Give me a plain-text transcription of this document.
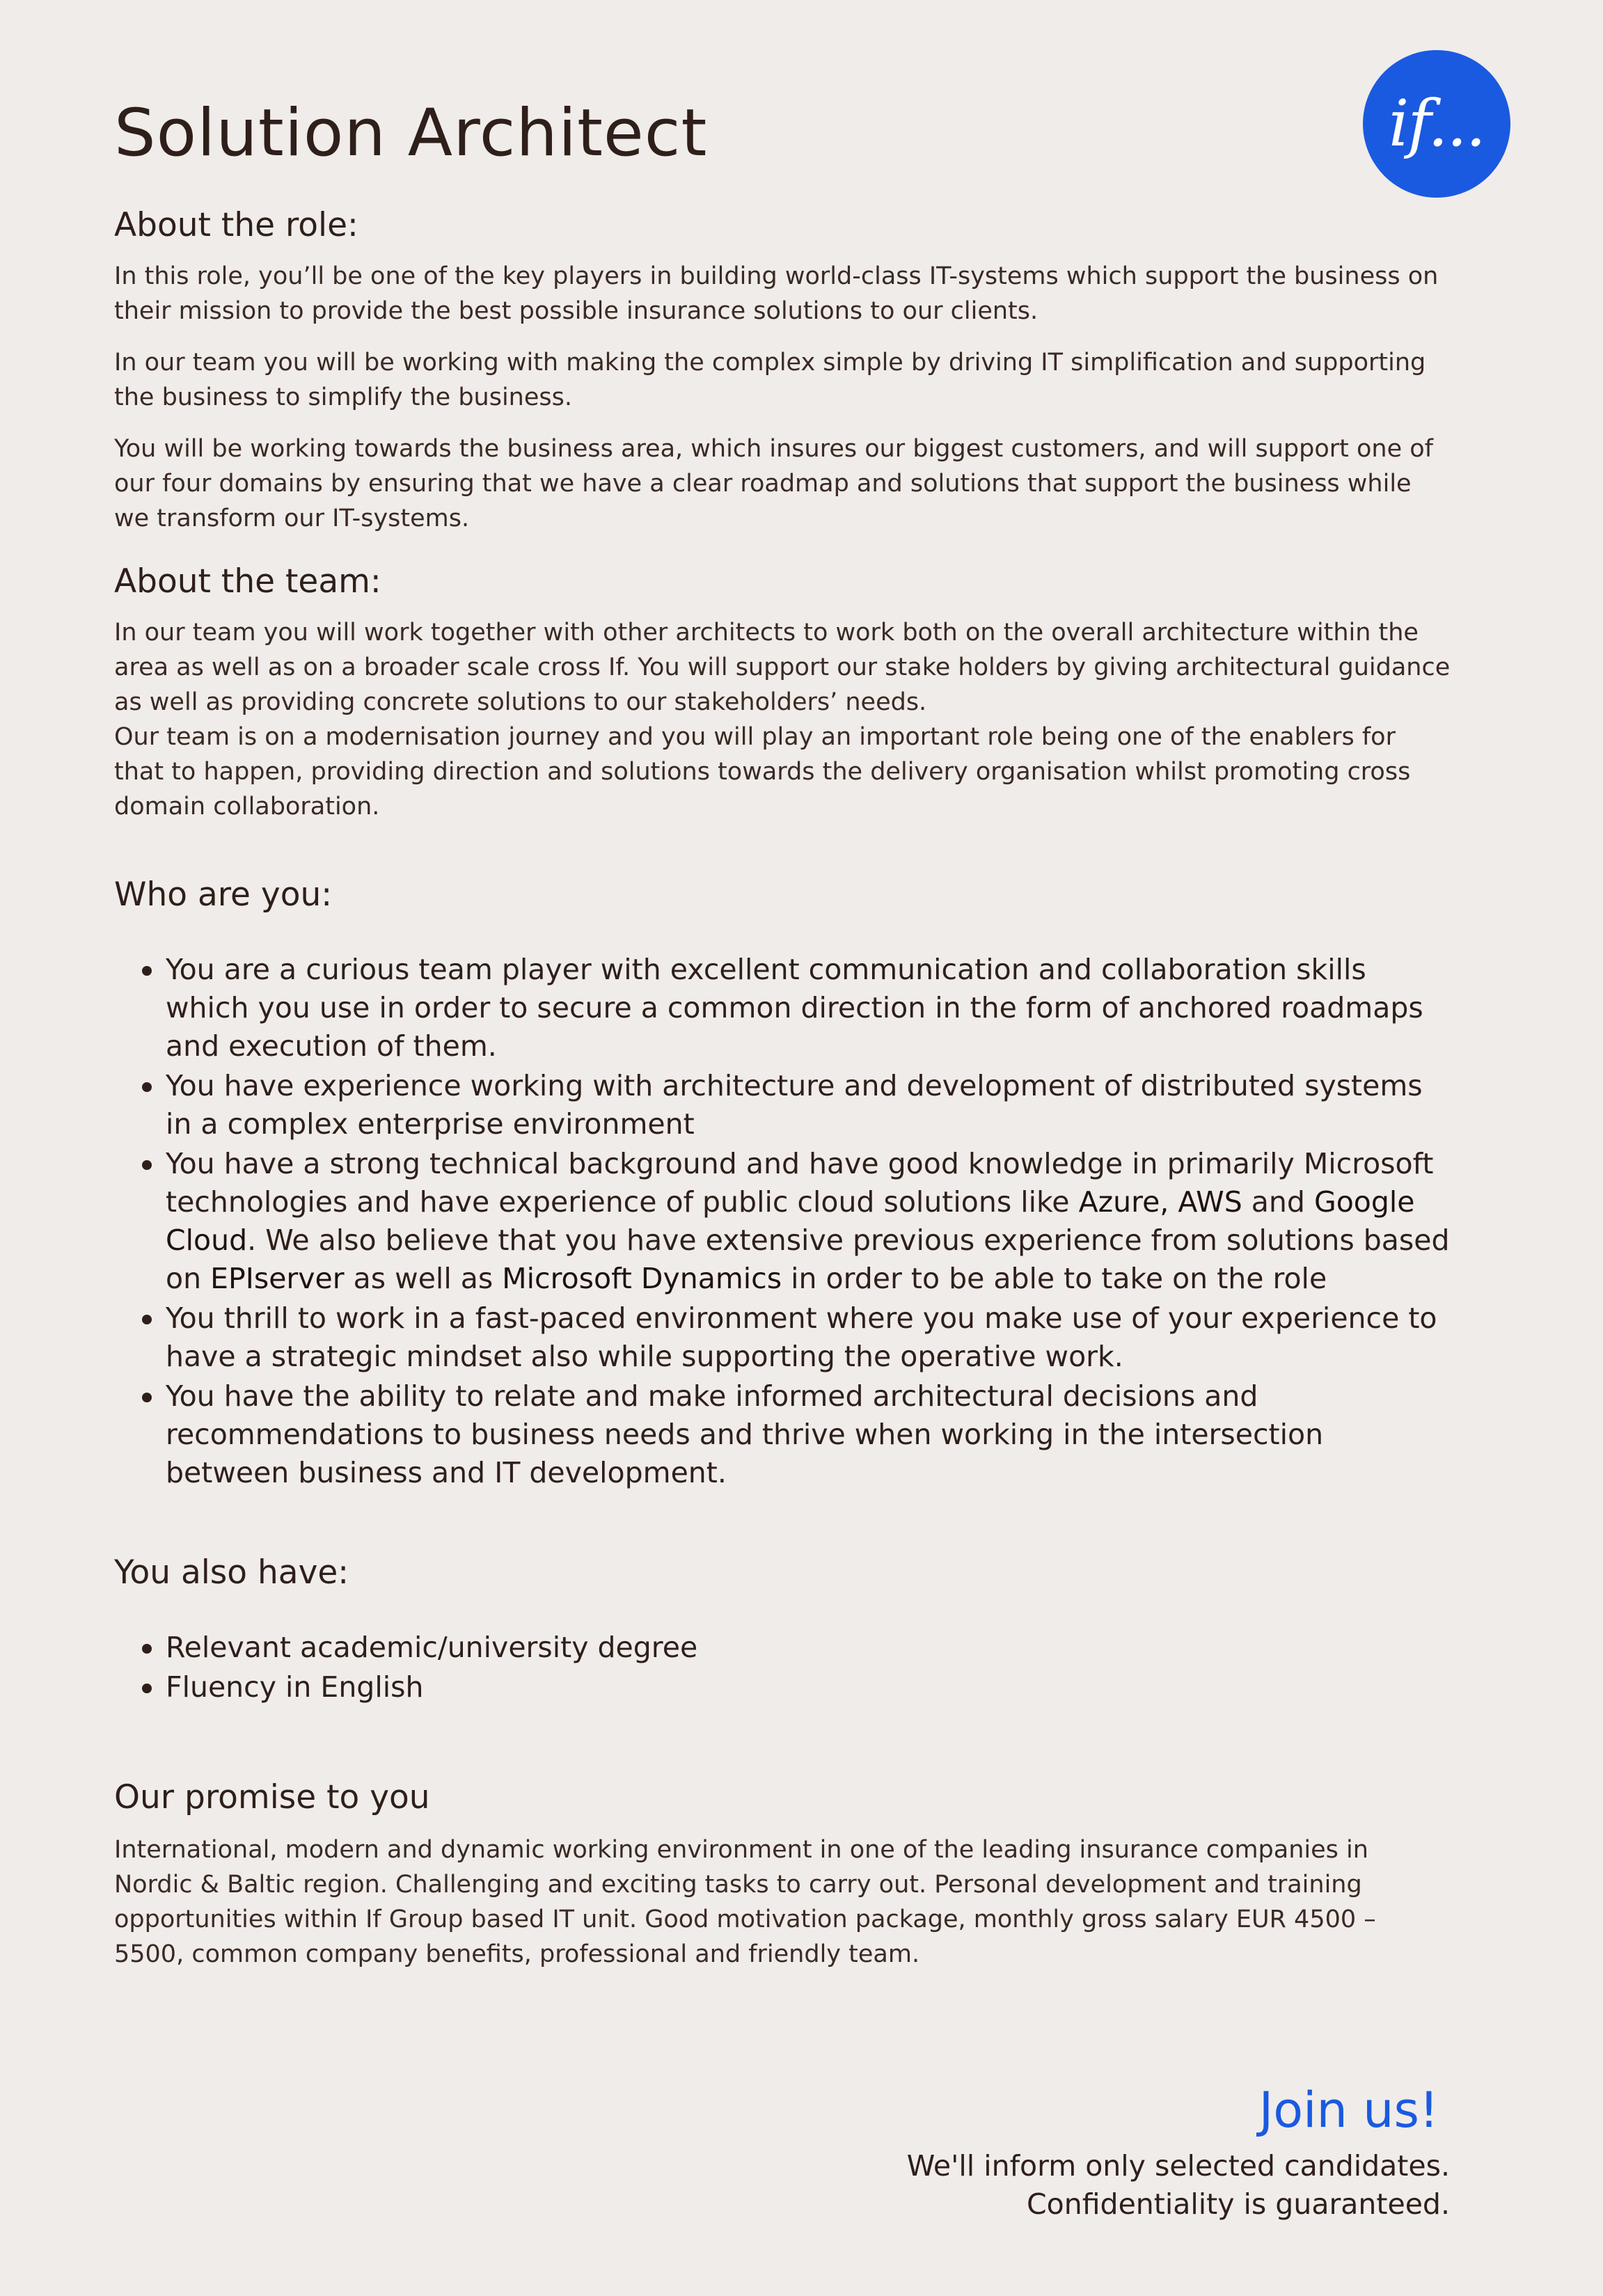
Solution Architect	if...
About the role:

In this role, you’ll be one of the key players in building world-class IT-systems which support the business on their mission to provide the best possible insurance solutions to our clients.

In our team you will be working with making the complex simple by driving IT simplification and supporting the business to simplify the business.

You will be working towards the business area, which insures our biggest customers, and will support one of our four domains by ensuring that we have a clear roadmap and solutions that support the business while we transform our IT-systems.

About the team:

In our team you will work together with other architects to work both on the overall architecture within the area as well as on a broader scale cross If. You will support our stake holders by giving architectural guidance as well as providing concrete solutions to our stakeholders’ needs.

Our team is on a modernisation journey and you will play an important role being one of the enablers for that to happen, providing direction and solutions towards the delivery organisation whilst promoting cross domain collaboration.

Who are you:
You are a curious team player with excellent communication and collaboration skills which you use in order to secure a common direction in the form of anchored roadmaps and execution of them.
You have experience working with architecture and development of distributed systems in a complex enterprise environment
You have a strong technical background and have good knowledge in primarily Microsoft technologies and have experience of public cloud solutions like Azure, AWS and Google Cloud. We also believe that you have extensive previous experience from solutions based on EPIserver as well as Microsoft Dynamics in order to be able to take on the role
You thrill to work in a fast-paced environment where you make use of your experience to have a strategic mindset also while supporting the operative work.
You have the ability to relate and make informed architectural decisions and recommendations to business needs and thrive when working in the intersection between business and IT development.
You also have:
Relevant academic/university degree
Fluency in English
Our promise to you

International, modern and dynamic working environment in one of the leading insurance companies in Nordic & Baltic region. Challenging and exciting tasks to carry out. Personal development and training opportunities within If Group based IT unit. Good motivation package, monthly gross salary EUR 4500 – 5500, common company benefits, professional and friendly team.

Join us!

We'll inform only selected candidates.
Confidentiality is guaranteed.
